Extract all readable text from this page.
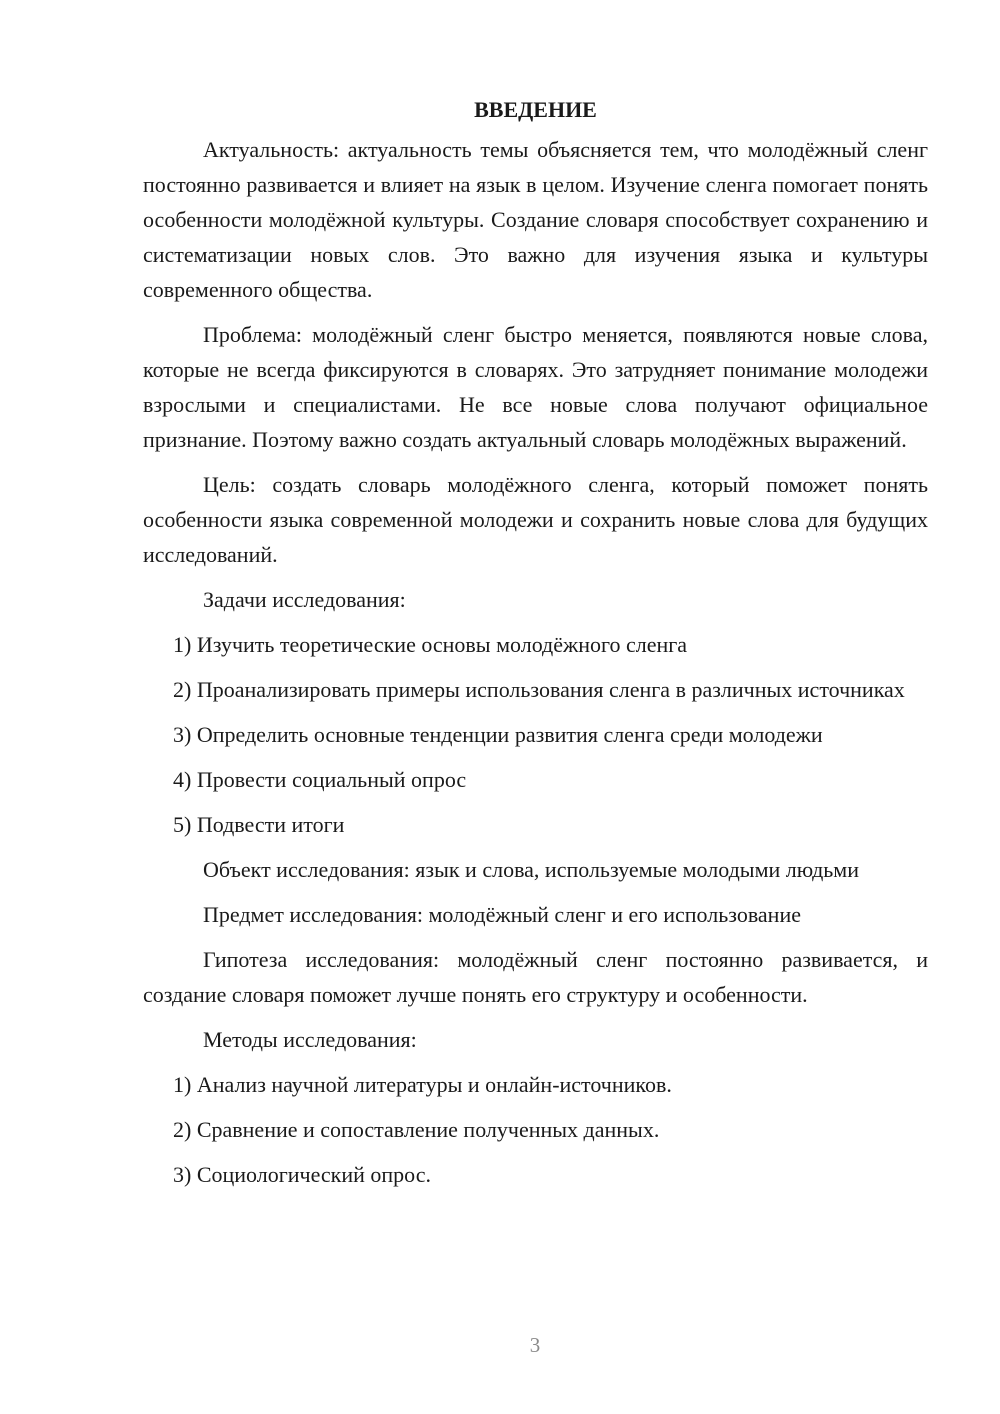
ВВЕДЕНИЕ

Актуальность: актуальность темы объясняется тем, что молодёжный сленг постоянно развивается и влияет на язык в целом. Изучение сленга помогает понять особенности молодёжной культуры. Создание словаря способствует сохранению и систематизации новых слов. Это важно для изучения языка и культуры современного общества.

Проблема: молодёжный сленг быстро меняется, появляются новые слова, которые не всегда фиксируются в словарях. Это затрудняет понимание молодежи взрослыми и специалистами. Не все новые слова получают официальное признание. Поэтому важно создать актуальный словарь молодёжных выражений.

Цель: создать словарь молодёжного сленга, который поможет понять особенности языка современной молодежи и сохранить новые слова для будущих исследований.

Задачи исследования:

1) Изучить теоретические основы молодёжного сленга

2) Проанализировать примеры использования сленга в различных источниках

3) Определить основные тенденции развития сленга среди молодежи

4) Провести социальный опрос

5) Подвести итоги

Объект исследования: язык и слова, используемые молодыми людьми

Предмет исследования: молодёжный сленг и его использование

Гипотеза исследования: молодёжный сленг постоянно развивается, и создание словаря поможет лучше понять его структуру и особенности.

Методы исследования:

1) Анализ научной литературы и онлайн-источников.

2) Сравнение и сопоставление полученных данных.

3) Социологический опрос.

3
